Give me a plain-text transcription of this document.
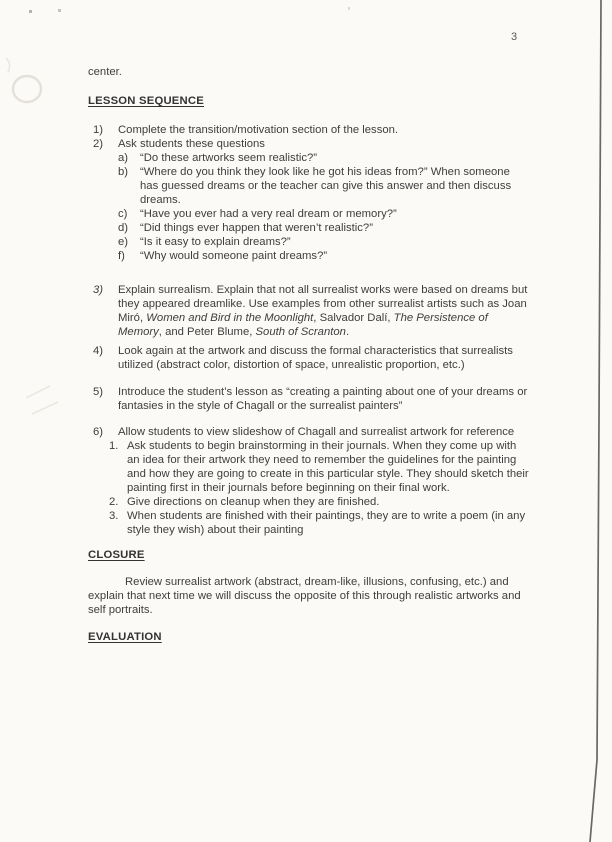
3

center.

LESSON SEQUENCE
1)	Complete the transition/motivation section of the lesson.
2)	Ask students these questions
a)	“Do these artworks seem realistic?”
b)	“Where do you think they look like he got his ideas from?” When someone has guessed dreams or the teacher can give this answer and then discuss dreams.
c)	“Have you ever had a very real dream or memory?”
d)	“Did things ever happen that weren’t realistic?”
e)	“Is it easy to explain dreams?”
f)	“Why would someone paint dreams?”
3)	Explain surrealism. Explain that not all surrealist works were based on dreams but they appeared dreamlike. Use examples from other surrealist artists such as Joan Miró, Women and Bird in the Moonlight, Salvador Dalí, The Persistence of Memory, and Peter Blume, South of Scranton.
4)	Look again at the artwork and discuss the formal characteristics that surrealists utilized (abstract color, distortion of space, unrealistic proportion, etc.)
5)	Introduce the student’s lesson as “creating a painting about one of your dreams or fantasies in the style of Chagall or the surrealist painters”
6)	Allow students to view slideshow of Chagall and surrealist artwork for reference
1. Ask students to begin brainstorming in their journals. When they come up with an idea for their artwork they need to remember the guidelines for the painting and how they are going to create in this particular style. They should sketch their painting first in their journals before beginning on their final work.
2. Give directions on cleanup when they are finished.
3. When students are finished with their paintings, they are to write a poem (in any style they wish) about their painting
CLOSURE

Review surrealist artwork (abstract, dream-like, illusions, confusing, etc.) and explain that next time we will discuss the opposite of this through realistic artworks and self portraits.

EVALUATION
